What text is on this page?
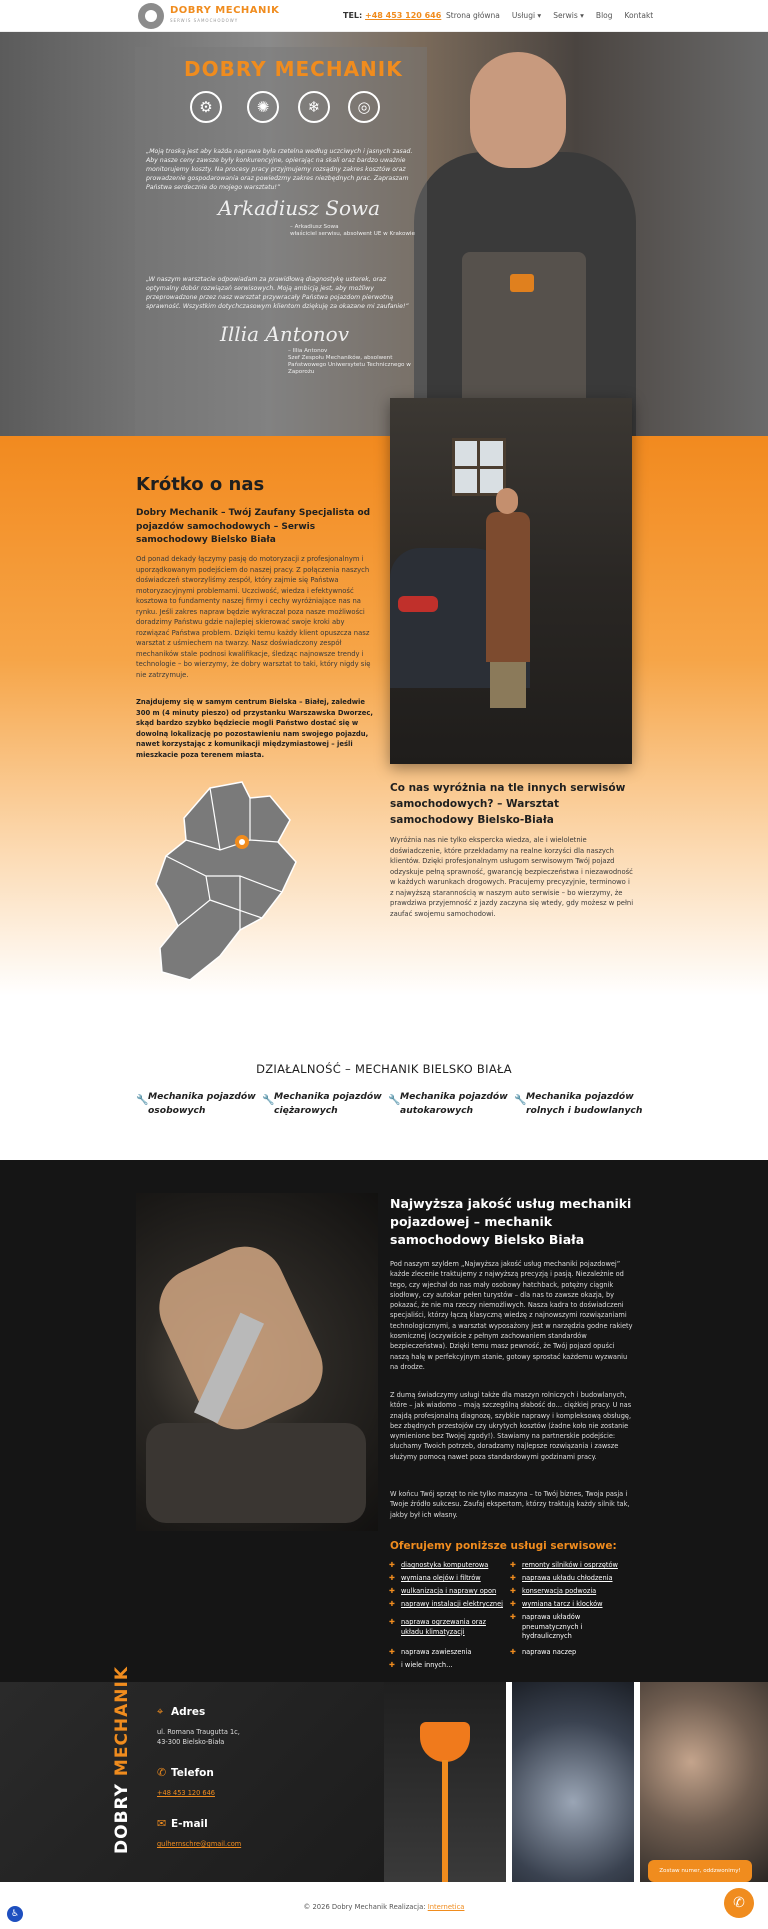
DOBRY MECHANIK
SERWIS SAMOCHODOWY
TEL: +48 453 120 646 Strona główna Usługi ▾ Serwis ▾ Blog Kontakt
DOBRY MECHANIK
⚙	✺	❄	◎
„Moją troską jest aby każda naprawa była rzetelna według uczciwych i jasnych zasad. Aby nasze ceny zawsze były konkurencyjne, opierając na skali oraz bardzo uważnie monitorujemy koszty. Na procesy pracy przyjmujemy rozsądny zakres kosztów oraz prowadzenie gospodarowania oraz powiedzmy zakres niezbędnych prac. Zapraszam Państwa serdecznie do mojego warsztatu!”
Arkadiusz Sowa
– Arkadiusz Sowa
właściciel serwisu, absolwent UE w Krakowie
„W naszym warsztacie odpowiadam za prawidłową diagnostykę usterek, oraz optymalny dobór rozwiązań serwisowych. Moją ambicją jest, aby możliwy przeprowadzone przez nasz warsztat przywracały Państwa pojazdom pierwotną sprawność. Wszystkim dotychczasowym klientom dziękuję za okazane mi zaufanie!”
Illia Antonov
– Illia Antonov
Szef Zespołu Mechaników, absolwent Państwowego Uniwersytetu Technicznego w Zaporożu
Krótko o nas
Dobry Mechanik – Twój Zaufany Specjalista od pojazdów samochodowych – Serwis samochodowy Bielsko Biała
Od ponad dekady łączymy pasję do motoryzacji z profesjonalnym i uporządkowanym podejściem do naszej pracy. Z połączenia naszych doświadczeń stworzyliśmy zespół, który zajmie się Państwa motoryzacyjnymi problemami. Uczciwość, wiedza i efektywność kosztowa to fundamenty naszej firmy i cechy wyróżniające nas na rynku. Jeśli zakres napraw będzie wykraczał poza nasze możliwości doradzimy Państwu gdzie najlepiej skierować swoje kroki aby rozwiązać Państwa problem. Dzięki temu każdy klient opuszcza nasz warsztat z uśmiechem na twarzy. Nasz doświadczony zespół mechaników stale podnosi kwalifikacje, śledząc najnowsze trendy i technologie – bo wierzymy, że dobry warsztat to taki, który nigdy się nie zatrzymuje.
Znajdujemy się w samym centrum Bielska – Białej, zaledwie 300 m (4 minuty pieszo) od przystanku Warszawska Dworzec, skąd bardzo szybko będziecie mogli Państwo dostać się w dowolną lokalizację po pozostawieniu nam swojego pojazdu, nawet korzystając z komunikacji międzymiastowej – jeśli mieszkacie poza terenem miasta.
Co nas wyróżnia na tle innych serwisów samochodowych? – Warsztat samochodowy Bielsko-Biała
Wyróżnia nas nie tylko ekspercka wiedza, ale i wieloletnie doświadczenie, które przekładamy na realne korzyści dla naszych klientów. Dzięki profesjonalnym usługom serwisowym Twój pojazd odzyskuje pełną sprawność, gwarancję bezpieczeństwa i niezawodność w każdych warunkach drogowych. Pracujemy precyzyjnie, terminowo i z najwyższą starannością w naszym auto serwisie – bo wierzymy, że prawdziwa przyjemność z jazdy zaczyna się wtedy, gdy możesz w pełni zaufać swojemu samochodowi.
DZIAŁALNOŚĆ – MECHANIK BIELSKO BIAŁA
🔧 Mechanika pojazdów osobowych
🔧 Mechanika pojazdów ciężarowych
🔧 Mechanika pojazdów autokarowych
🔧 Mechanika pojazdów rolnych i budowlanych
Najwyższa jakość usług mechaniki pojazdowej – mechanik samochodowy Bielsko Biała
Pod naszym szyldem „Najwyższa jakość usług mechaniki pojazdowej” każde zlecenie traktujemy z najwyższą precyzją i pasją. Niezależnie od tego, czy wjechał do nas mały osobowy hatchback, potężny ciągnik siodłowy, czy autokar pełen turystów – dla nas to zawsze okazja, by pokazać, że nie ma rzeczy niemożliwych. Nasza kadra to doświadczeni specjaliści, którzy łączą klasyczną wiedzę z najnowszymi rozwiązaniami technologicznymi, a warsztat wyposażony jest w narzędzia godne rakiety kosmicznej (oczywiście z pełnym zachowaniem standardów bezpieczeństwa). Dzięki temu masz pewność, że Twój pojazd opuści naszą halę w perfekcyjnym stanie, gotowy sprostać każdemu wyzwaniu na drodze.
Z dumą świadczymy usługi także dla maszyn rolniczych i budowlanych, które – jak wiadomo – mają szczególną słabość do… ciężkiej pracy. U nas znajdą profesjonalną diagnozę, szybkie naprawy i kompleksową obsługę, bez zbędnych przestojów czy ukrytych kosztów (żadne koło nie zostanie wymienione bez Twojej zgody!). Stawiamy na partnerskie podejście: słuchamy Twoich potrzeb, doradzamy najlepsze rozwiązania i zawsze służymy pomocą nawet poza standardowymi godzinami pracy.
W końcu Twój sprzęt to nie tylko maszyna – to Twój biznes, Twoja pasja i Twoje źródło sukcesu. Zaufaj ekspertom, którzy traktują każdy silnik tak, jakby był ich własny.
Oferujemy poniższe usługi serwisowe:
✚ diagnostyka komputerowa
✚ wymiana olejów i filtrów
✚ wulkanizacja i naprawy opon
✚ naprawy instalacji elektrycznej
✚ naprawa ogrzewania oraz układu klimatyzacji
✚ naprawa zawieszenia
✚ i wiele innych…
✚ remonty silników i osprzętów
✚ naprawa układu chłodzenia
✚ konserwacja podwozia
✚ wymiana tarcz i klocków
✚ naprawa układów pneumatycznych i hydraulicznych
✚ naprawa naczep
DOBRY MECHANIK ⌖ Adres
ul. Romana Traugutta 1c,
43-300 Bielsko-Biała
✆ Telefon
+48 453 120 646
✉ E-mail
gulhernschre@gmail.com
© 2026 Dobry Mechanik Realizacja: Internetica
Zostaw numer, oddzwonimy!
✆
♿
